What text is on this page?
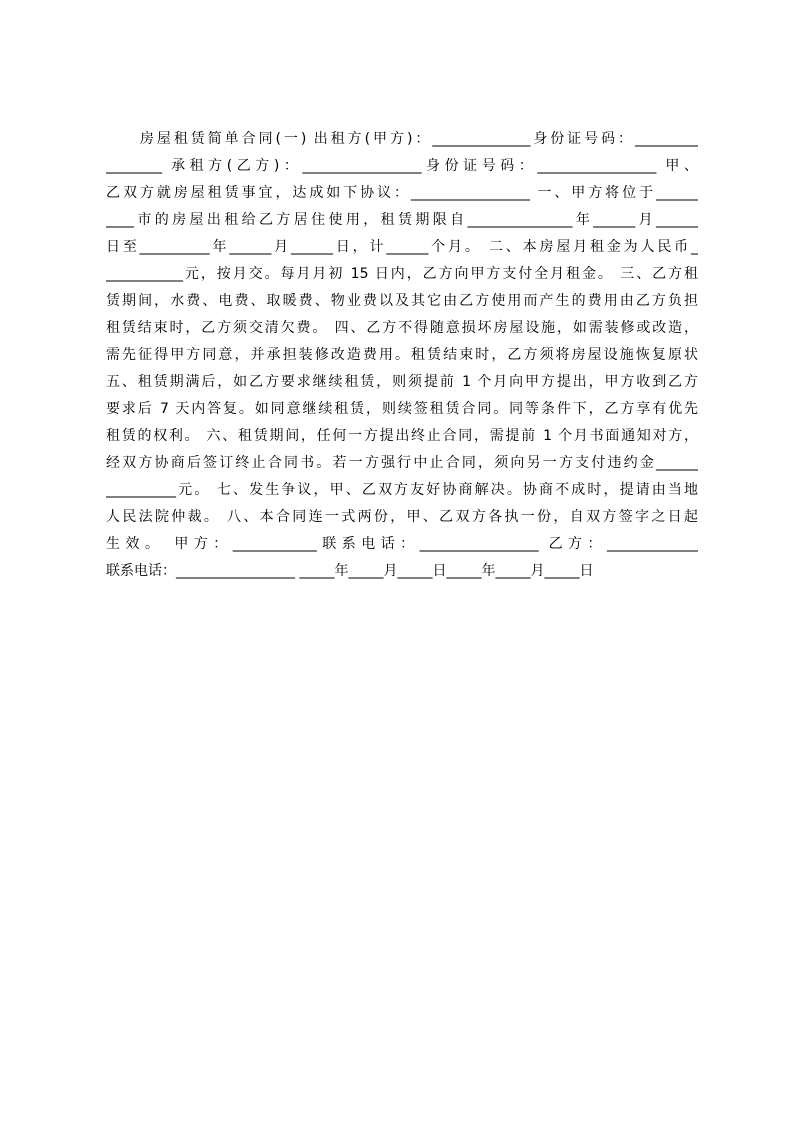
　　房屋租赁简单合同(一) 出租方(甲方)：______________身份证号码：_________
________ 承租方(乙方)：_________________身份证号码：_________________ 甲、
乙双方就房屋租赁事宜，达成如下协议：_________________ 一、甲方将位于______
____市的房屋出租给乙方居住使用，租赁期限自_______________年______月______
日至__________年______月______日，计______个月。 二、本房屋月租金为人民币_
___________元，按月交。每月月初 15 日内，乙方向甲方支付全月租金。 三、乙方租
赁期间，水费、电费、取暖费、物业费以及其它由乙方使用而产生的费用由乙方负担
租赁结束时，乙方须交清欠费。 四、乙方不得随意损坏房屋设施，如需装修或改造，
需先征得甲方同意，并承担装修改造费用。租赁结束时，乙方须将房屋设施恢复原状
五、租赁期满后，如乙方要求继续租赁，则须提前 1 个月向甲方提出，甲方收到乙方
要求后 7 天内答复。如同意继续租赁，则续签租赁合同。同等条件下，乙方享有优先
租赁的权利。 六、租赁期间，任何一方提出终止合同，需提前 1 个月书面通知对方，
经双方协商后签订终止合同书。若一方强行中止合同，须向另一方支付违约金______
__________元。 七、发生争议，甲、乙双方友好协商解决。协商不成时，提请由当地
人民法院仲裁。 八、本合同连一式两份，甲、乙双方各执一份，自双方签字之日起
生效。 甲方：____________联系电话：_________________ 乙方：_____________
联系电话：_________________ _____年_____月_____日_____年_____月_____日
